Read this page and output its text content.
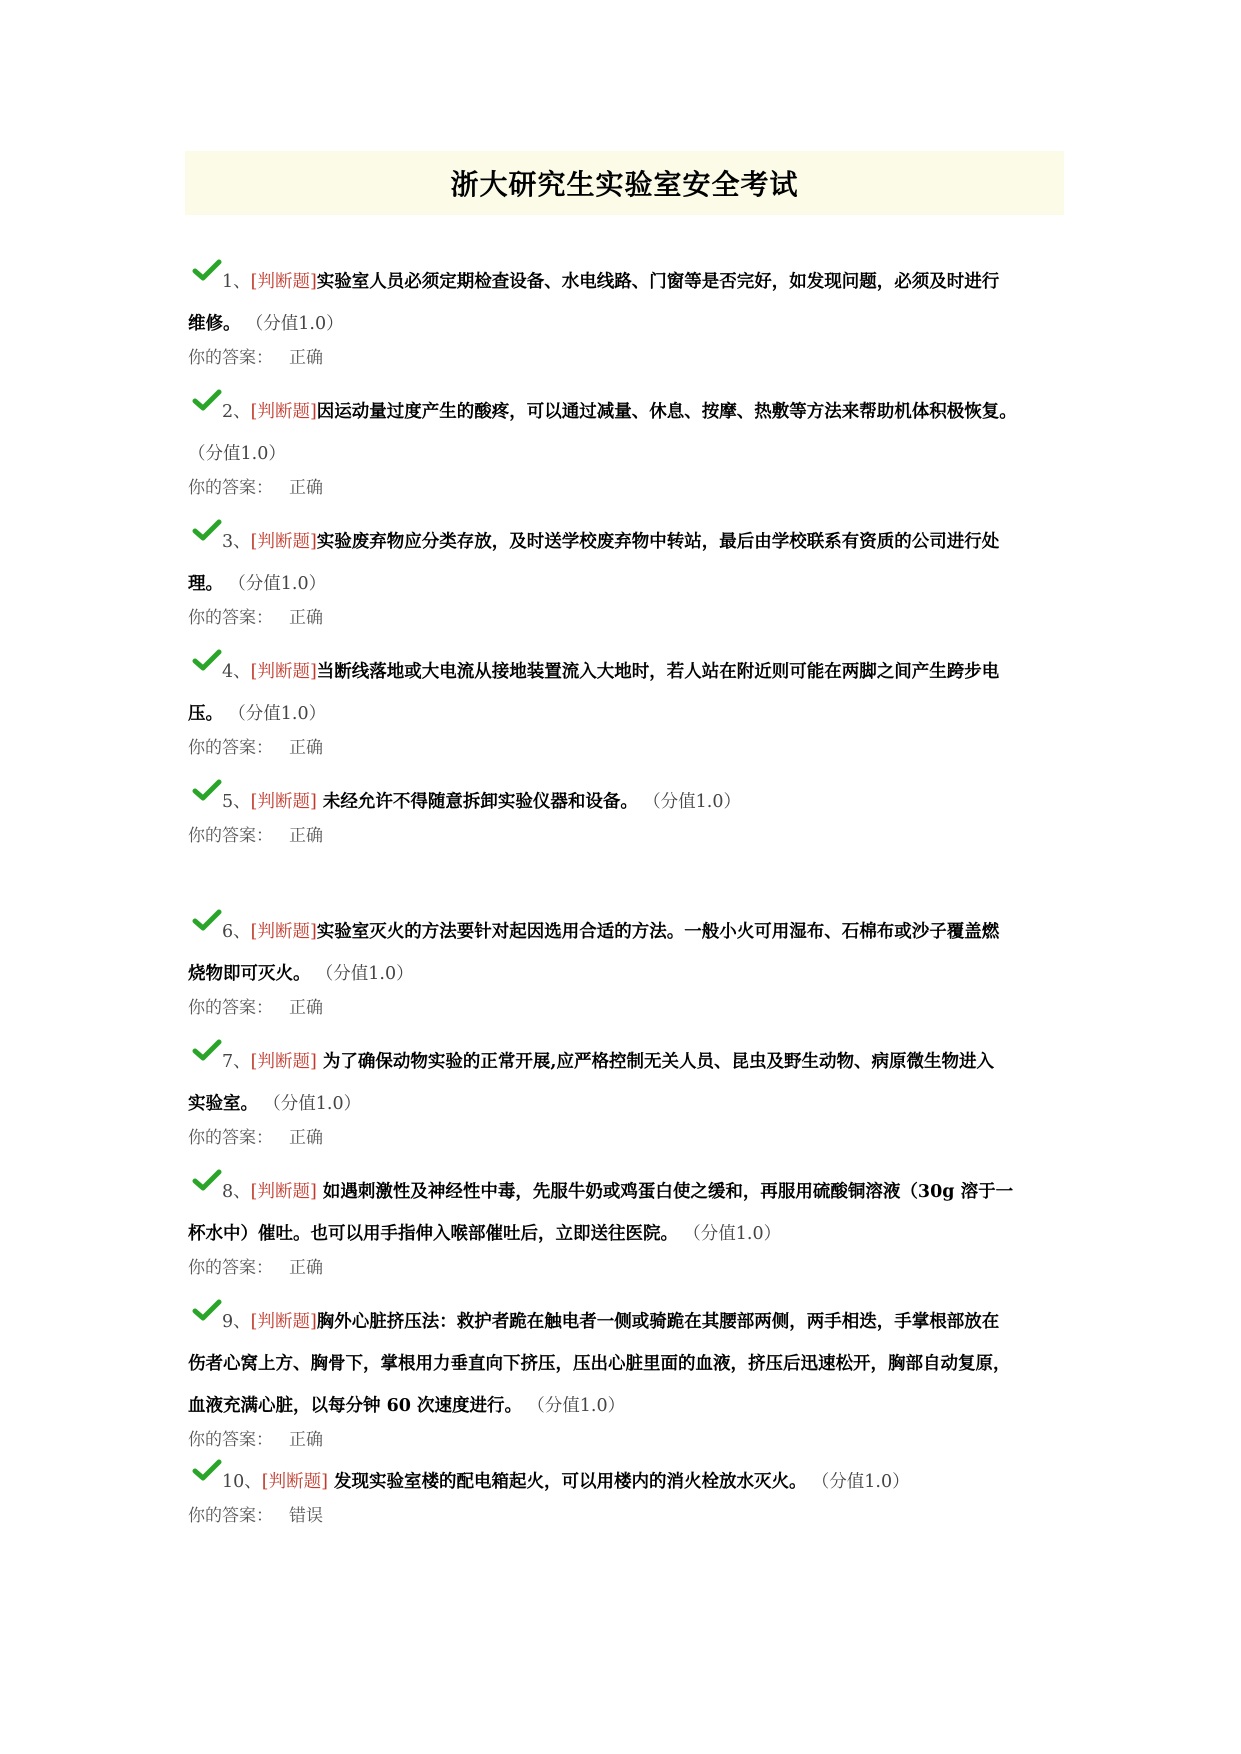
浙大研究生实验室安全考试
1、[判断题]实验室人员必须定期检查设备、水电线路、门窗等是否完好，如发现问题，必须及时进行
维修。 （分值1.0）
你的答案： 正确
2、[判断题]因运动量过度产生的酸疼，可以通过减量、休息、按摩、热敷等方法来帮助机体积极恢复。
（分值1.0）
你的答案： 正确
3、[判断题]实验废弃物应分类存放，及时送学校废弃物中转站，最后由学校联系有资质的公司进行处
理。 （分值1.0）
你的答案： 正确
4、[判断题]当断线落地或大电流从接地装置流入大地时，若人站在附近则可能在两脚之间产生跨步电
压。 （分值1.0）
你的答案： 正确
5、[判断题] 未经允许不得随意拆卸实验仪器和设备。 （分值1.0）
你的答案： 正确
6、[判断题]实验室灭火的方法要针对起因选用合适的方法。一般小火可用湿布、石棉布或沙子覆盖燃
烧物即可灭火。 （分值1.0）
你的答案： 正确
7、[判断题] 为了确保动物实验的正常开展,应严格控制无关人员、昆虫及野生动物、病原微生物进入
实验室。 （分值1.0）
你的答案： 正确
8、[判断题] 如遇刺激性及神经性中毒，先服牛奶或鸡蛋白使之缓和，再服用硫酸铜溶液（30g 溶于一
杯水中）催吐。也可以用手指伸入喉部催吐后，立即送往医院。 （分值1.0）
你的答案： 正确
9、[判断题]胸外心脏挤压法：救护者跪在触电者一侧或骑跪在其腰部两侧，两手相迭，手掌根部放在
伤者心窝上方、胸骨下，掌根用力垂直向下挤压，压出心脏里面的血液，挤压后迅速松开，胸部自动复原，
血液充满心脏，以每分钟 60 次速度进行。 （分值1.0）
你的答案： 正确
10、[判断题] 发现实验室楼的配电箱起火，可以用楼内的消火栓放水灭火。 （分值1.0）
你的答案： 错误
